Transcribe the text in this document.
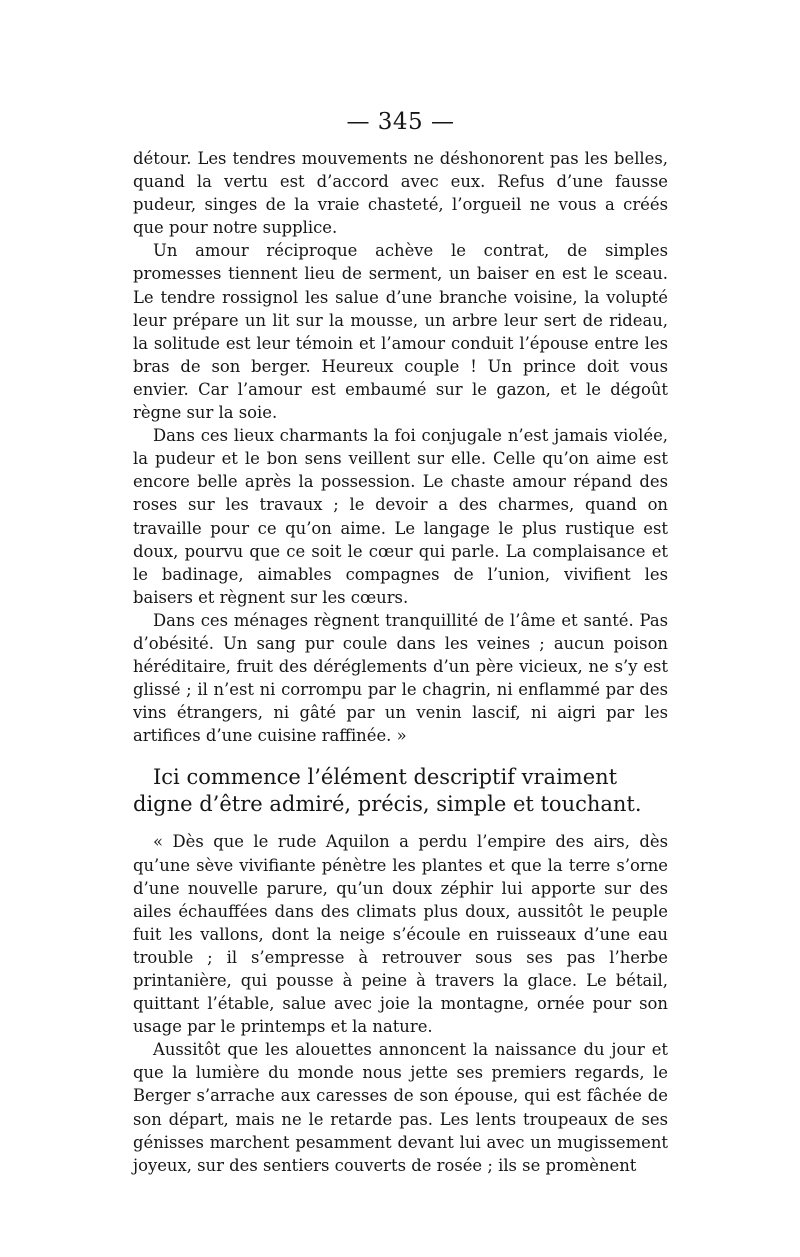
— 345 —

détour. Les tendres mouvements ne déshonorent pas les belles, quand la vertu est d’accord avec eux. Refus d’une fausse pudeur, singes de la vraie chasteté, l’orgueil ne vous a créés que pour notre supplice.

Un amour réciproque achève le contrat, de simples promesses tiennent lieu de serment, un baiser en est le sceau. Le tendre rossignol les salue d’une branche voisine, la volupté leur prépare un lit sur la mousse, un arbre leur sert de rideau, la solitude est leur témoin et l’amour conduit l’épouse entre les bras de son berger. Heureux couple ! Un prince doit vous envier. Car l’amour est embaumé sur le gazon, et le dégoût règne sur la soie.

Dans ces lieux charmants la foi conjugale n’est jamais violée, la pudeur et le bon sens veillent sur elle. Celle qu’on aime est encore belle après la possession. Le chaste amour répand des roses sur les travaux ; le devoir a des charmes, quand on travaille pour ce qu’on aime. Le langage le plus rustique est doux, pourvu que ce soit le cœur qui parle. La complaisance et le badinage, aimables compagnes de l’union, vivifient les baisers et règnent sur les cœurs.

Dans ces ménages règnent tranquillité de l’âme et santé. Pas d’obésité. Un sang pur coule dans les veines ; aucun poison héréditaire, fruit des déréglements d’un père vicieux, ne s’y est glissé ; il n’est ni corrompu par le chagrin, ni enflammé par des vins étrangers, ni gâté par un venin lascif, ni aigri par les artifices d’une cuisine raffinée. »

Ici commence l’élément descriptif vraiment digne d’être admiré, précis, simple et touchant.

« Dès que le rude Aquilon a perdu l’empire des airs, dès qu’une sève vivifiante pénètre les plantes et que la terre s’orne d’une nouvelle parure, qu’un doux zéphir lui apporte sur des ailes échauffées dans des climats plus doux, aussitôt le peuple fuit les vallons, dont la neige s’écoule en ruisseaux d’une eau trouble ; il s’empresse à retrouver sous ses pas l’herbe printanière, qui pousse à peine à travers la glace. Le bétail, quittant l’étable, salue avec joie la montagne, ornée pour son usage par le printemps et la nature.

Aussitôt que les alouettes annoncent la naissance du jour et que la lumière du monde nous jette ses premiers regards, le Berger s’arrache aux caresses de son épouse, qui est fâchée de son départ, mais ne le retarde pas. Les lents troupeaux de ses génisses marchent pesamment devant lui avec un mugissement joyeux, sur des sentiers couverts de rosée ; ils se promènent
